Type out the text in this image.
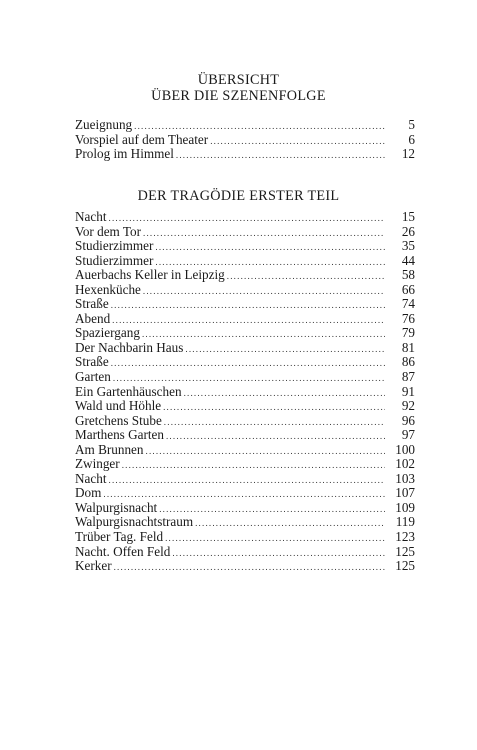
ÜBERSICHT
ÜBER DIE SZENENFOLGE
Zueignung .....	5
Vorspiel auf dem Theater .....	6
Prolog im Himmel .....	12
DER TRAGÖDIE ERSTER TEIL
Nacht .....	15
Vor dem Tor .....	26
Studierzimmer .....	35
Studierzimmer .....	44
Auerbachs Keller in Leipzig .....	58
Hexenküche .....	66
Straße .....	74
Abend .....	76
Spaziergang .....	79
Der Nachbarin Haus .....	81
Straße .....	86
Garten .....	87
Ein Gartenhäuschen .....	91
Wald und Höhle .....	92
Gretchens Stube .....	96
Marthens Garten .....	97
Am Brunnen .....	100
Zwinger .....	102
Nacht .....	103
Dom .....	107
Walpurgisnacht .....	109
Walpurgisnachtstraum .....	119
Trüber Tag. Feld .....	123
Nacht. Offen Feld .....	125
Kerker .....	125
